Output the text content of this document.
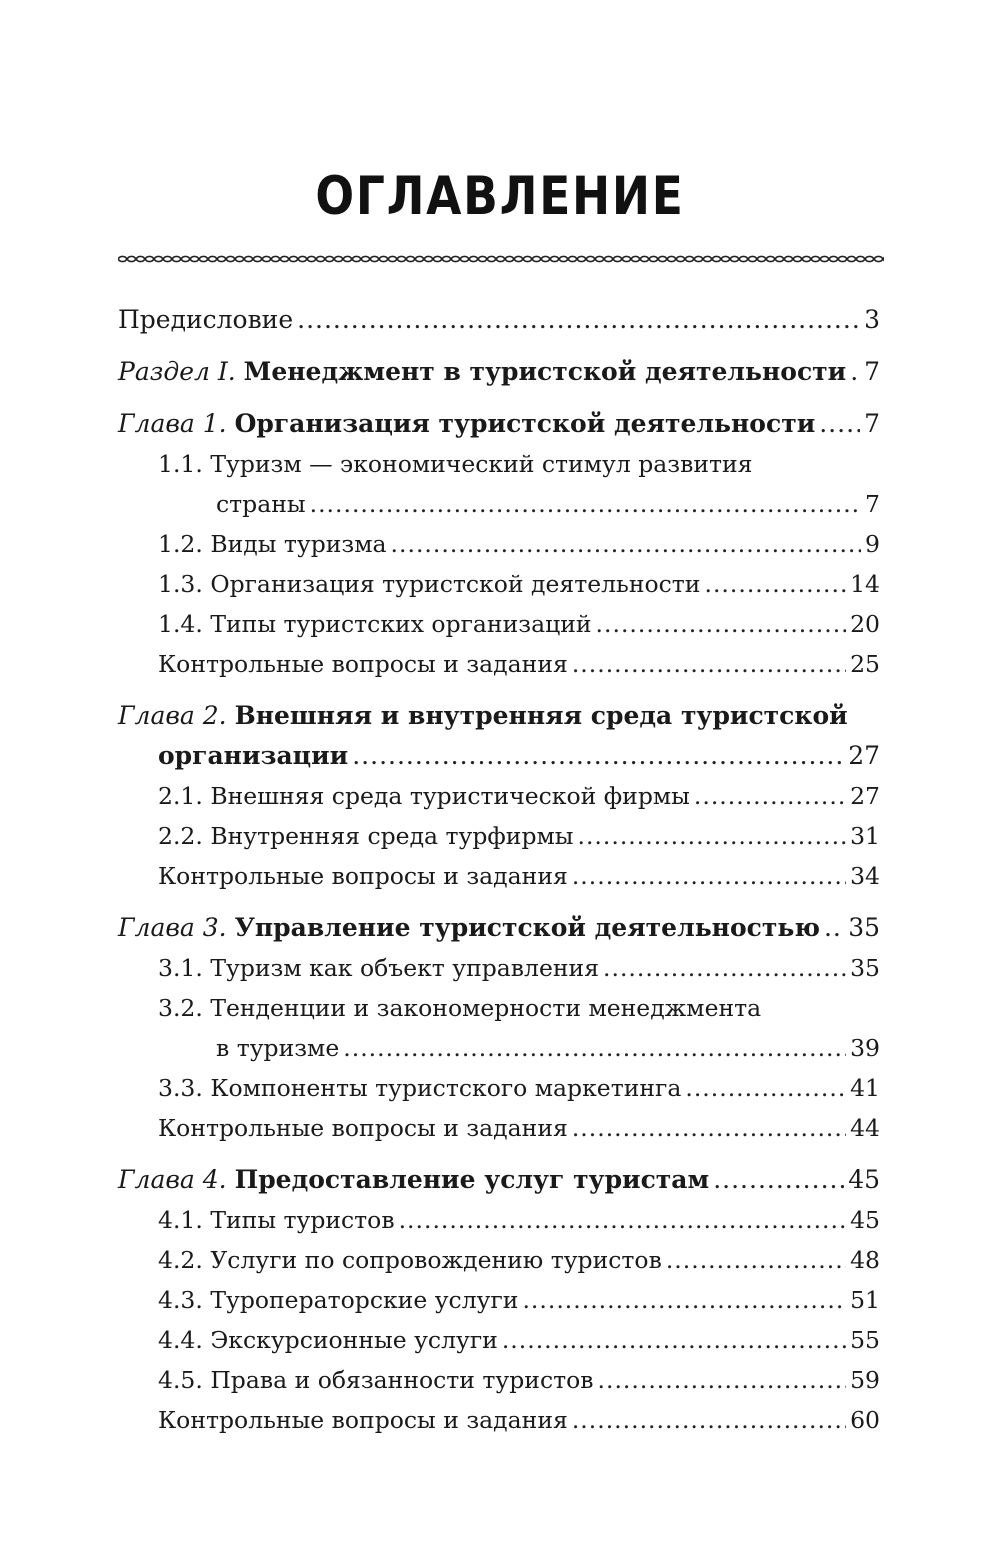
ОГЛАВЛЕНИЕ
Предисловие .....	3
Раздел I. Менеджмент в туристской деятельности ..... 7
Глава 1. Организация туристской деятельности ..... 7
1.1. Туризм — экономический стимул развития
страны .....	7
1.2. Виды туризма .....	9
1.3. Организация туристской деятельности .....	14
1.4. Типы туристских организаций .....	20
Контрольные вопросы и задания .....	25
Глава 2. Внешняя и внутренняя среда туристской
организации .....	27
2.1. Внешняя среда туристической фирмы .....	27
2.2. Внутренняя среда турфирмы .....	31
Контрольные вопросы и задания .....	34
Глава 3. Управление туристской деятельностью ..... 35
3.1. Туризм как объект управления .....	35
3.2. Тенденции и закономерности менеджмента
в туризме .....	39
3.3. Компоненты туристского маркетинга .....	41
Контрольные вопросы и задания .....	44
Глава 4. Предоставление услуг туристам .....	45
4.1. Типы туристов .....	45
4.2. Услуги по сопровождению туристов .....	48
4.3. Туроператорские услуги .....	51
4.4. Экскурсионные услуги .....	55
4.5. Права и обязанности туристов .....	59
Контрольные вопросы и задания .....	60
